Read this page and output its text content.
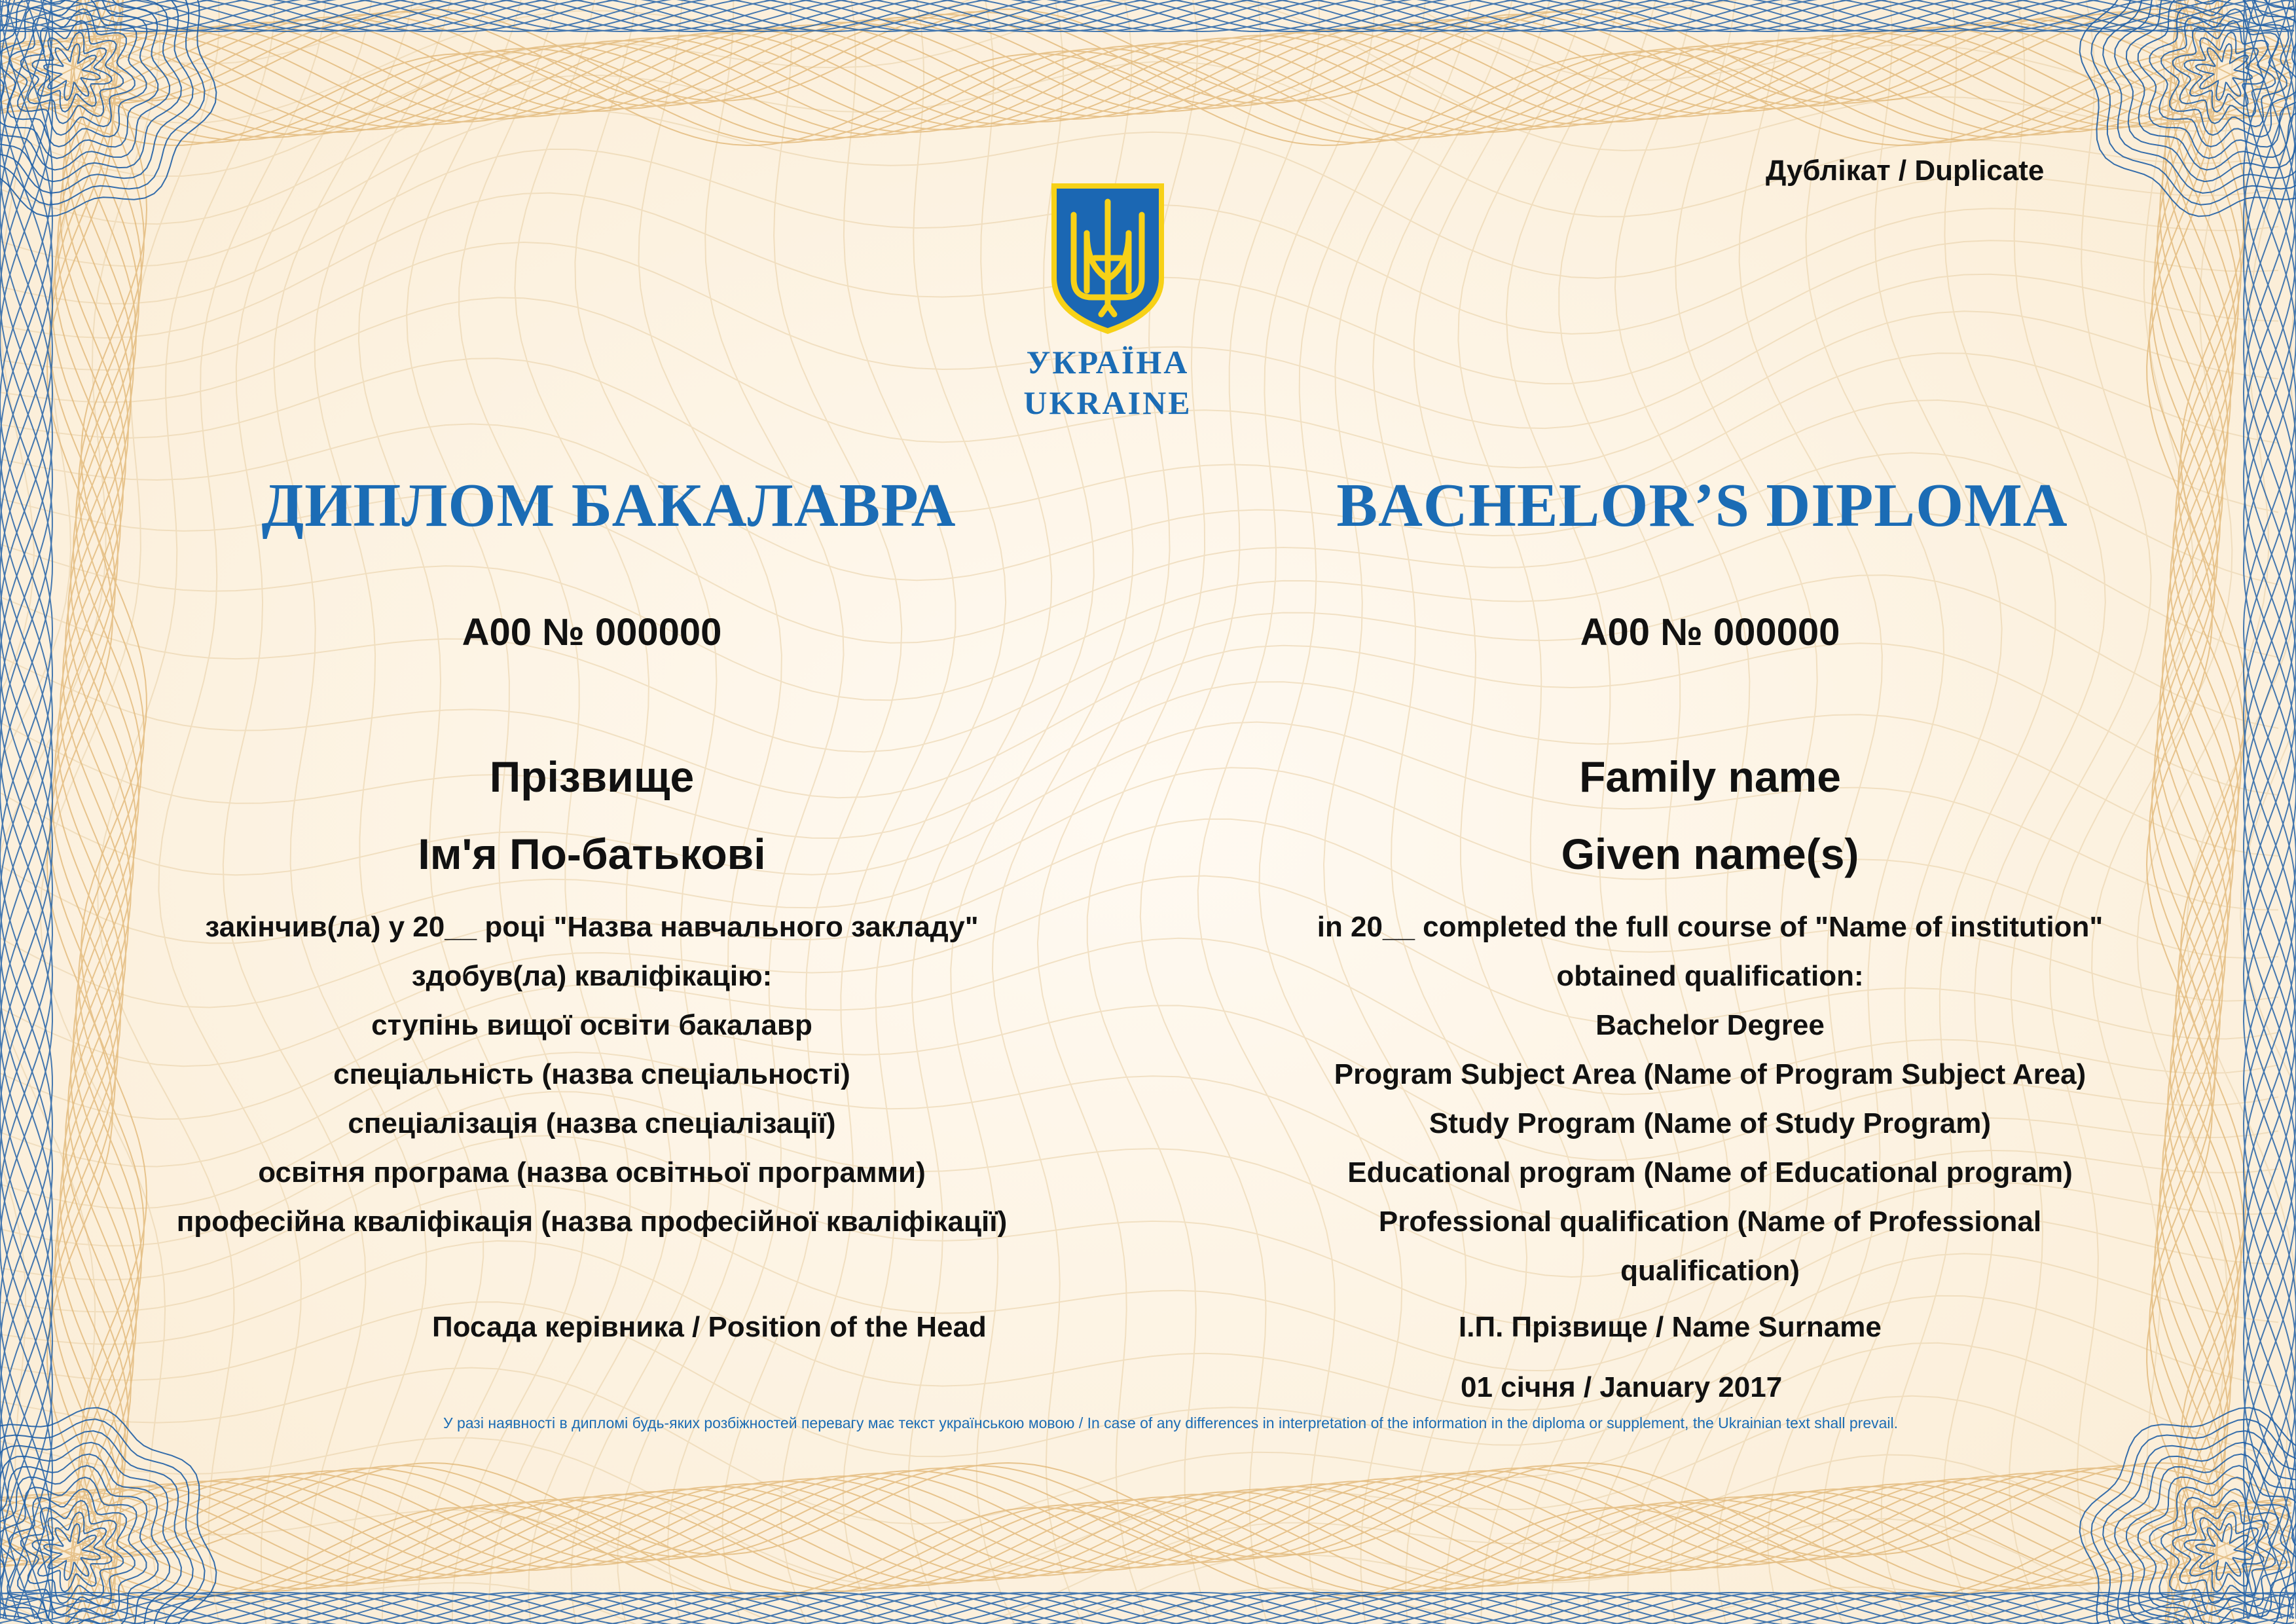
Дублікат / Duplicate
УКРАЇНА
UKRAINE
ДИПЛОМ БАКАЛАВРА	BACHELOR’S DIPLOMA
А00 № 000000	А00 № 000000
Прізвище
Ім'я По-батькові
Family name
Given name(s)
закінчив(ла) у 20__ році "Назва навчального закладу"
здобув(ла) кваліфікацію:
ступінь вищої освіти бакалавр
спеціальність (назва спеціальності)
спеціалізація (назва спеціалізації)
освітня програма (назва освітньої программи)
професійна кваліфікація (назва професійної кваліфікації)
in 20__ completed the full course of "Name of institution"
obtained qualification:
Bachelor Degree
Program Subject Area (Name of Program Subject Area)
Study Program (Name of Study Program)
Educational program (Name of Educational program)
Professional qualification (Name of Professional
qualification)
Посада керівника / Position of the Head	І.П. Прізвище / Name Surname
01 січня / January 2017
У разі наявності в дипломі будь-яких розбіжностей перевагу має текст українською мовою / In case of any differences in interpretation of the information in the diploma or supplement, the Ukrainian text shall prevail.
